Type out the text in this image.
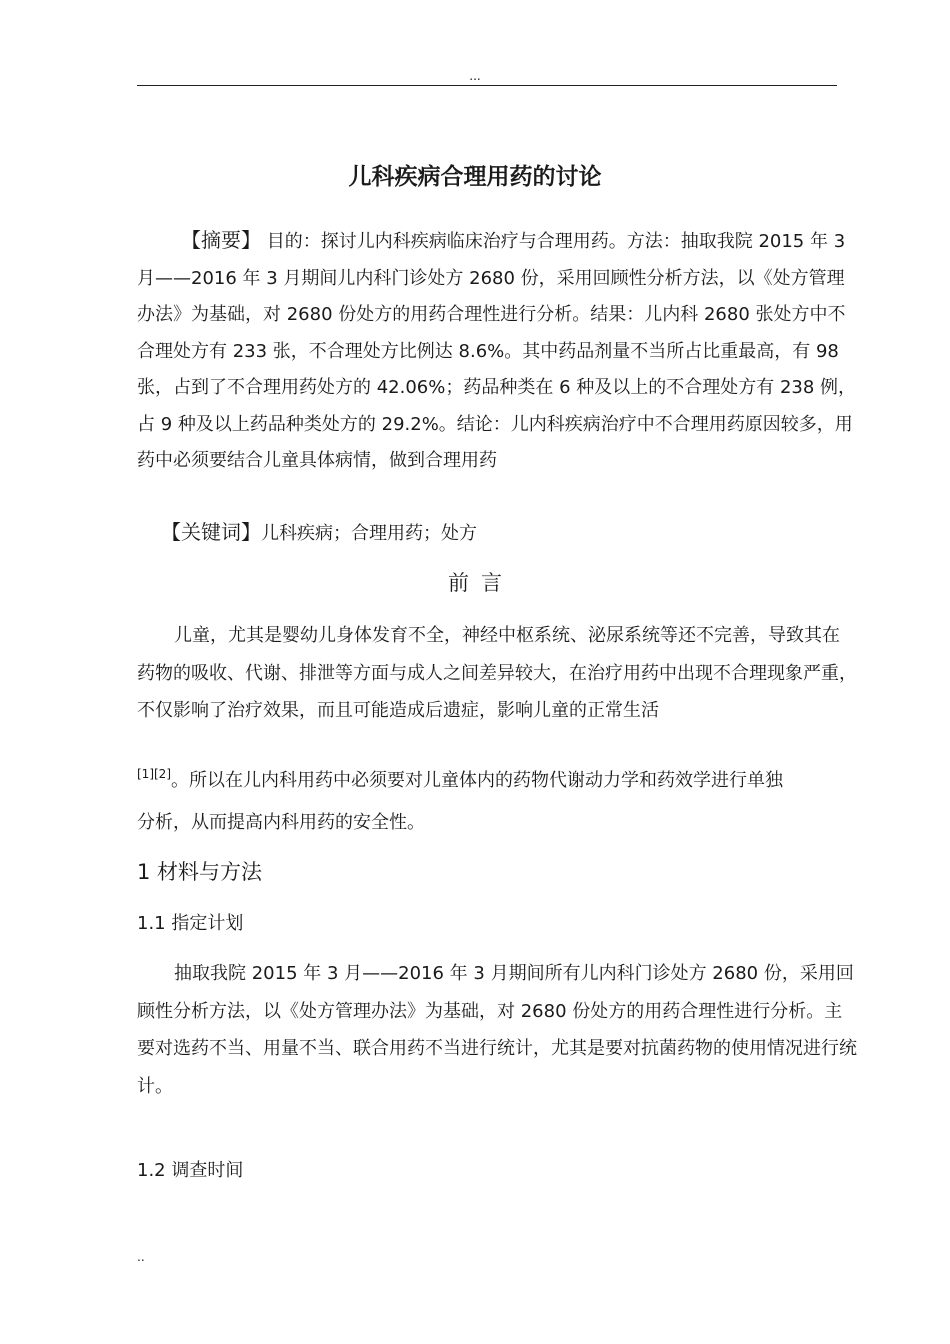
...
儿科疾病合理用药的讨论

【摘要】 目的：探讨儿内科疾病临床治疗与合理用药。方法：抽取我院 2015 年 3 月——2016 年 3 月期间儿内科门诊处方 2680 份，采用回顾性分析方法，以《处方管理办法》为基础，对 2680 份处方的用药合理性进行分析。结果：儿内科 2680 张处方中不合理处方有 233 张，不合理处方比例达 8.6%。其中药品剂量不当所占比重最高，有 98 张，占到了不合理用药处方的 42.06%；药品种类在 6 种及以上的不合理处方有 238 例，占 9 种及以上药品种类处方的 29.2%。结论：儿内科疾病治疗中不合理用药原因较多，用药中必须要结合儿童具体病情，做到合理用药

【关键词】儿科疾病；合理用药；处方
前 言

儿童，尤其是婴幼儿身体发育不全，神经中枢系统、泌尿系统等还不完善，导致其在药物的吸收、代谢、排泄等方面与成人之间差异较大，在治疗用药中出现不合理现象严重，不仅影响了治疗效果，而且可能造成后遗症，影响儿童的正常生活

[1][2]。所以在儿内科用药中必须要对儿童体内的药物代谢动力学和药效学进行单独
分析，从而提高内科用药的安全性。
1 材料与方法
1.1 指定计划

抽取我院 2015 年 3 月——2016 年 3 月期间所有儿内科门诊处方 2680 份，采用回顾性分析方法，以《处方管理办法》为基础，对 2680 份处方的用药合理性进行分析。主要对选药不当、用量不当、联合用药不当进行统计，尤其是要对抗菌药物的使用情况进行统计。

1.2 调查时间
..
